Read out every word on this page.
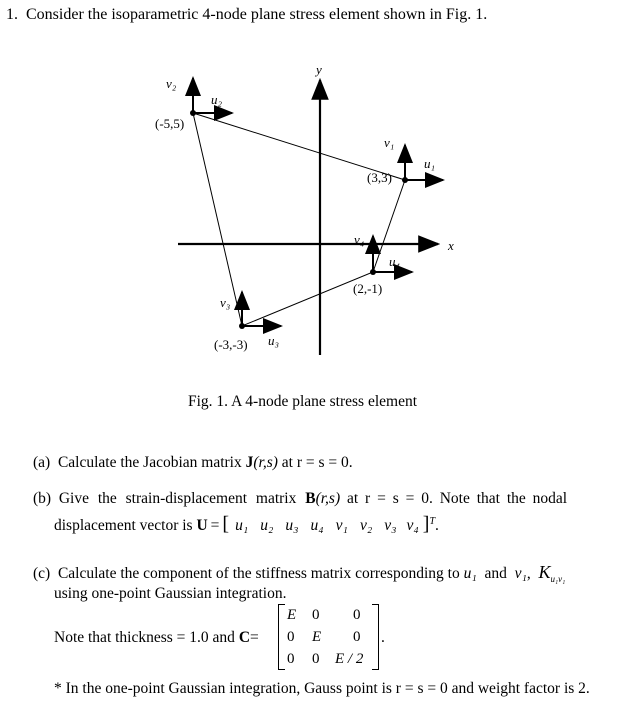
1. Consider the isoparametric 4-node plane stress element shown in Fig. 1.
x
y
v₂
u₂
(-5,5)
v₁
u₁
(3,3)
v₄
u₄
(2,-1)
v₃
u₃
(-3,-3)
Fig. 1. A 4-node plane stress element
(a) Calculate the Jacobian matrix J(r,s) at r = s = 0.
(b) Give the strain-displacement matrix B(r,s) at r = s = 0. Note that the nodal
displacement vector is U = [ u₁ u₂ u₃ u₄ v₁ v₂ v₃ v₄ ]$^T$.
(c) Calculate the component of the stiffness matrix corresponding to u₁ and v₁,  $K_{u_1v_1}$
using one-point Gaussian integration.
Note that thickness = 1.0 and C=
E 0 0
0 E 0
0 0 E / 2
.
* In the one-point Gaussian integration, Gauss point is r = s = 0 and weight factor is 2.
